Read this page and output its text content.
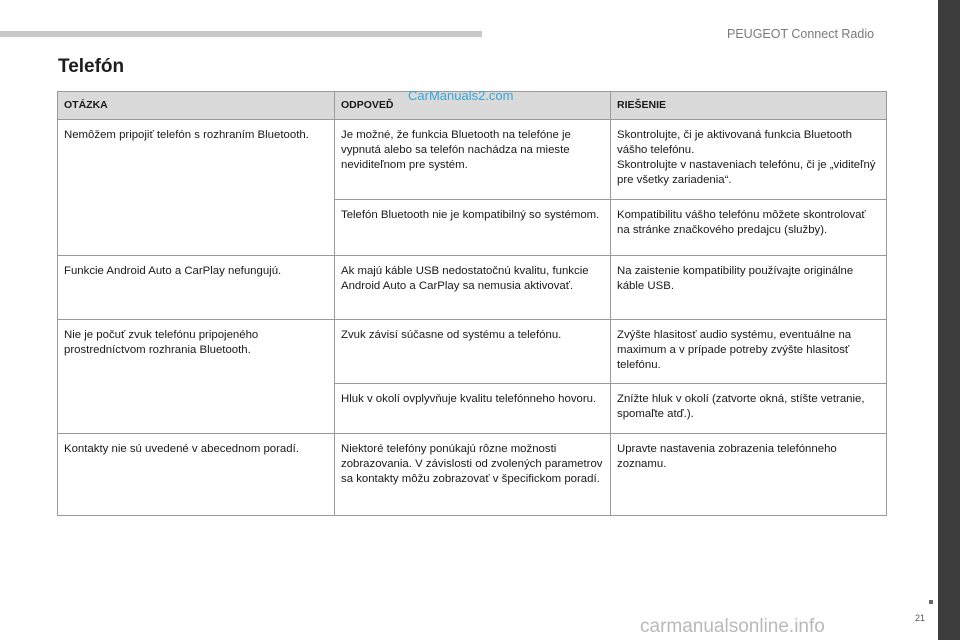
PEUGEOT Connect Radio
Telefón
OTÁZKA	ODPOVEĎ	RIEŠENIE
Nemôžem pripojiť telefón s rozhraním Bluetooth.	Je možné, že funkcia Bluetooth na telefóne je vypnutá alebo sa telefón nachádza na mieste neviditeľnom pre systém.	Skontrolujte, či je aktivovaná funkcia Bluetooth vášho telefónu.
Skontrolujte v nastaveniach telefónu, či je „viditeľný pre všetky zariadenia“.
	Telefón Bluetooth nie je kompatibilný so systémom.	Kompatibilitu vášho telefónu môžete skontrolovať na stránke značkového predajcu (služby).
Funkcie Android Auto a CarPlay nefungujú.	Ak majú káble USB nedostatočnú kvalitu, funkcie Android Auto a CarPlay sa nemusia aktivovať.	Na zaistenie kompatibility používajte originálne káble USB.
Nie je počuť zvuk telefónu pripojeného prostredníctvom rozhrania Bluetooth.	Zvuk závisí súčasne od systému a telefónu.	Zvýšte hlasitosť audio systému, eventuálne na maximum a v prípade potreby zvýšte hlasitosť telefónu.
	Hluk v okolí ovplyvňuje kvalitu telefónneho hovoru.	Znížte hluk v okolí (zatvorte okná, stíšte vetranie, spomaľte atď.).
Kontakty nie sú uvedené v abecednom poradí.	Niektoré telefóny ponúkajú rôzne možnosti zobrazovania. V závislosti od zvolených parametrov sa kontakty môžu zobrazovať v špecifickom poradí.	Upravte nastavenia zobrazenia telefónneho zoznamu.
CarManuals2.com
21
carmanualsonline.info
